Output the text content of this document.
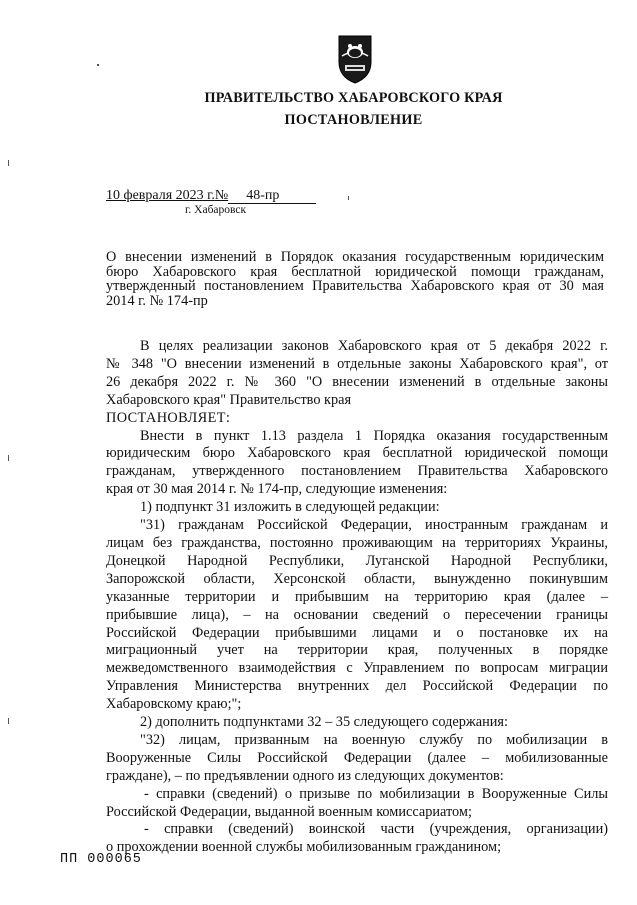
ПРАВИТЕЛЬСТВО ХАБАРОВСКОГО КРАЯ
ПОСТАНОВЛЕНИЕ
10 февраля 2023 г.№ 48-пр
г. Хабаровск
О внесении изменений в Порядок оказания государственным юридическим
бюро Хабаровского края бесплатной юридической помощи гражданам,
утвержденный постановлением Правительства Хабаровского края от 30 мая
2014 г. № 174-пр
В целях реализации законов Хабаровского края от 5 декабря 2022 г.
№ 348 "О внесении изменений в отдельные законы Хабаровского края", от
26 декабря 2022 г. № 360 "О внесении изменений в отдельные законы
Хабаровского края" Правительство края
ПОСТАНОВЛЯЕТ:
Внести в пункт 1.13 раздела 1 Порядка оказания государственным
юридическим бюро Хабаровского края бесплатной юридической помощи
гражданам, утвержденного постановлением Правительства Хабаровского
края от 30 мая 2014 г. № 174-пр, следующие изменения:
1) подпункт 31 изложить в следующей редакции:
"31) гражданам Российской Федерации, иностранным гражданам и
лицам без гражданства, постоянно проживающим на территориях Украины,
Донецкой Народной Республики, Луганской Народной Республики,
Запорожской области, Херсонской области, вынужденно покинувшим
указанные территории и прибывшим на территорию края (далее –
прибывшие лица), – на основании сведений о пересечении границы
Российской Федерации прибывшими лицами и о постановке их на
миграционный учет на территории края, полученных в порядке
межведомственного взаимодействия с Управлением по вопросам миграции
Управления Министерства внутренних дел Российской Федерации по
Хабаровскому краю;";
2) дополнить подпунктами 32 – 35 следующего содержания:
"32) лицам, призванным на военную службу по мобилизации в
Вооруженные Силы Российской Федерации (далее – мобилизованные
граждане), – по предъявлении одного из следующих документов:
- справки (сведений) о призыве по мобилизации в Вооруженные Силы
Российской Федерации, выданной военным комиссариатом;
- справки (сведений) воинской части (учреждения, организации)
о прохождении военной службы мобилизованным гражданином;
ПП 000065
